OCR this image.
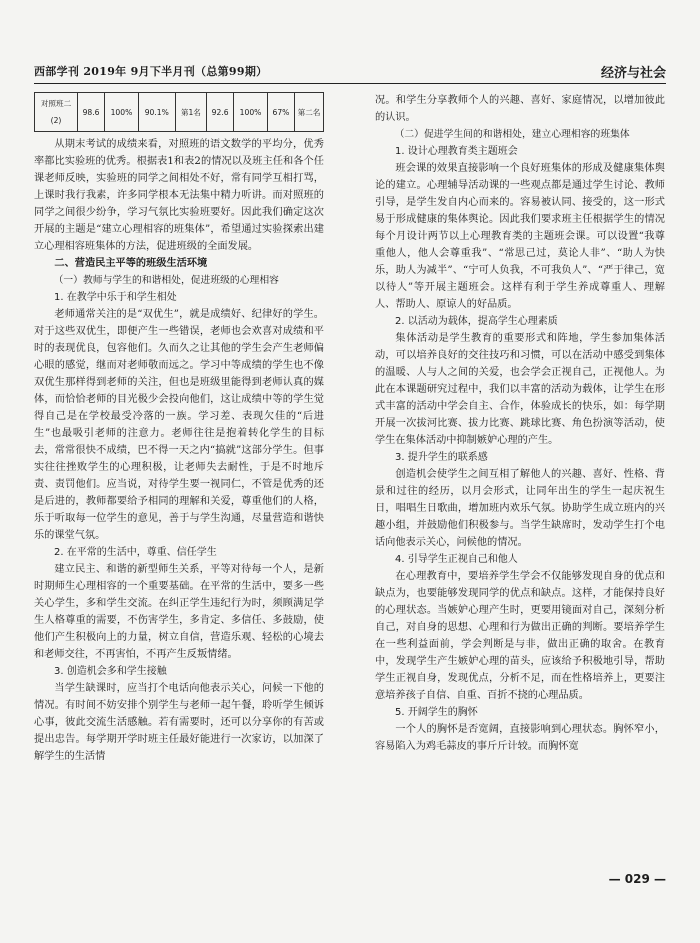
西部学刊 2019年 9月下半月刊（总第99期）	经济与社会
对照班二(2)	98.6	100%	90.1%	第1名	92.6	100%	67%	第二名

从期末考试的成绩来看，对照班的语文数学的平均分，优秀率都比实验班的优秀。根据表1和表2的情况以及班主任和各个任课老师反映，实验班的同学之间相处不好，常有同学互相打骂，上课时我行我素，许多同学根本无法集中精力听讲。而对照班的同学之间很少纷争，学习气氛比实验班要好。因此我们确定这次开展的主题是“建立心理相容的班集体”，希望通过实验探索出建立心理相容班集体的方法，促进班级的全面发展。

二、营造民主平等的班级生活环境

（一）教师与学生的和谐相处，促进班级的心理相容

1. 在教学中乐于和学生相处

老师通常关注的是“双优生”，就是成绩好、纪律好的学生。对于这些双优生，即便产生一些错误，老师也会欢喜对成绩和平时的表现优良，包容他们。久而久之让其他的学生会产生老师偏心眼的感觉，继而对老师敬而远之。学习中等成绩的学生也不像双优生那样得到老师的关注，但也是班级里能得到老师认真的媒体，而恰恰老师的目光极少会投向他们，这让成绩中等的学生觉得自己是在学校最受冷落的一族。学习差、表现欠佳的“后进生”也最吸引老师的注意力。老师往往是抱着转化学生的目标去，常常很快不成绩，巴不得一天之内“搞就”这部分学生。但事实往往挫败学生的心理积极，让老师失去耐性，于是不时地斥责、责罚他们。应当说，对待学生要一视同仁，不管是优秀的还是后进的，教师都要给予相同的理解和关爱，尊重他们的人格，乐于听取每一位学生的意见，善于与学生沟通，尽量营造和谐快乐的课堂气氛。

2. 在平常的生活中，尊重、信任学生

建立民主、和谐的新型师生关系，平等对待每一个人，是新时期师生心理相容的一个重要基础。在平常的生活中，要多一些关心学生，多和学生交流。在纠正学生违纪行为时，须顾满足学生人格尊重的需要，不伤害学生，多肯定、多信任、多鼓励，使他们产生积极向上的力量，树立自信，营造乐观、轻松的心境去和老师交往，不再害怕，不再产生反叛情绪。

3. 创造机会多和学生接触

当学生缺课时，应当打个电话向他表示关心，问候一下他的情况。有时间不妨安排个别学生与老师一起午餐，聆听学生倾诉心事，彼此交流生活感触。若有需要时，还可以分享你的有苦或提出忠告。每学期开学时班主任最好能进行一次家访，以加深了解学生的生活情

况。和学生分享教师个人的兴趣、喜好、家庭情况，以增加彼此的认识。

（二）促进学生间的和谐相处，建立心理相容的班集体

1. 设计心理教育类主题班会

班会课的效果直接影响一个良好班集体的形成及健康集体舆论的建立。心理辅导活动课的一些观点都是通过学生讨论、教师引导，是学生发自内心而来的。容易被认同、接受的，这一形式易于形成健康的集体舆论。因此我们要求班主任根据学生的情况每个月设计两节以上心理教育类的主题班会课。可以设置“我尊重他人，他人会尊重我”、“常思己过，莫论人非”、“助人为快乐，助人为减半”、“宁可人负我，不可我负人”、“严于律己，宽以待人”等开展主题班会。这样有利于学生养成尊重人、理解人、帮助人、原谅人的好品质。

2. 以活动为载体，提高学生心理素质

集体活动是学生教育的重要形式和阵地，学生参加集体活动，可以培养良好的交往技巧和习惯，可以在活动中感受到集体的温暖、人与人之间的关爱，也会学会正视自己，正视他人。为此在本课题研究过程中，我们以丰富的活动为载体，让学生在形式丰富的活动中学会自主、合作，体验成长的快乐，如：每学期开展一次拔河比赛、拔力比赛、跳球比赛、角色扮演等活动，使学生在集体活动中抑制嫉妒心理的产生。

3. 提升学生的联系感

创造机会使学生之间互相了解他人的兴趣、喜好、性格、背景和过往的经历，以月会形式，让同年出生的学生一起庆祝生日，唱唱生日歌曲，增加班内欢乐气氛。协助学生成立班内的兴趣小组，并鼓励他们积极参与。当学生缺席时，发动学生打个电话向他表示关心，问候他的情况。

4. 引导学生正视自己和他人

在心理教育中，要培养学生学会不仅能够发现自身的优点和缺点为，也要能够发现同学的优点和缺点。这样，才能保持良好的心理状态。当嫉妒心理产生时，更要用镜面对自己，深刻分析自己，对自身的思想、心理和行为做出正确的判断。要培养学生在一些利益面前，学会判断是与非，做出正确的取舍。在教育中，发现学生产生嫉妒心理的苗头，应该给予积极地引导，帮助学生正视自身，发现优点，分析不足，而在性格培养上，更要注意培养孩子自信、自重、百折不挠的心理品质。

5. 开阔学生的胸怀

一个人的胸怀是否宽阔，直接影响到心理状态。胸怀窄小，容易陷入为鸡毛蒜皮的事斤斤计较。而胸怀宽

— 029 —
